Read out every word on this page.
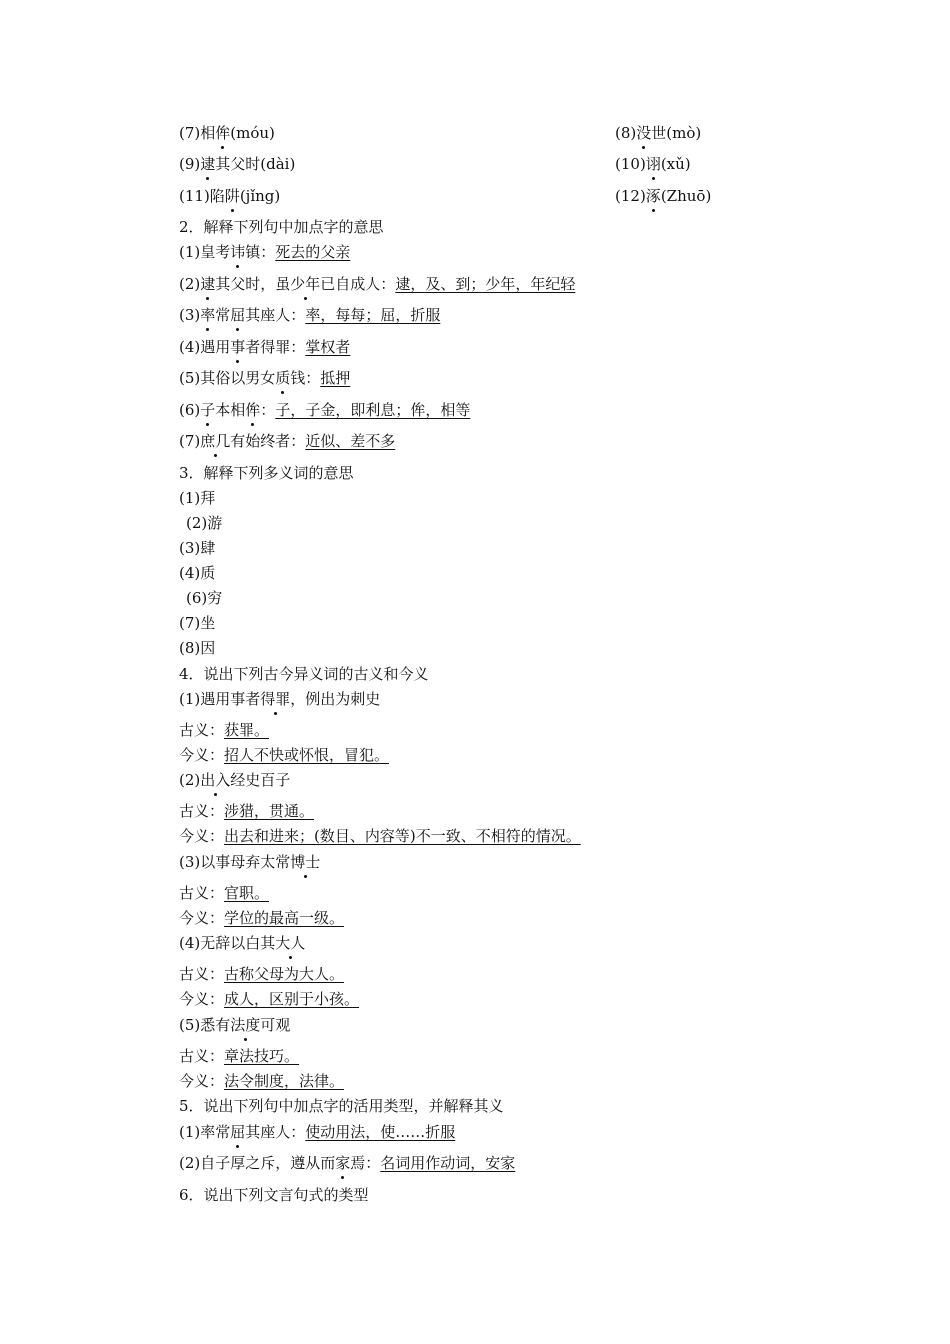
(7)相侔(móu)	(8)没世(mò)
(9)逮其父时(dài)	(10)诩(xǔ)
(11)陷阱(jǐng)	(12)涿(Zhuō)
2．解释下列句中加点字的意思
(1)皇考讳镇：死去的父亲
(2)逮其父时，虽少年已自成人：逮，及、到；少年，年纪轻
(3)率常屈其座人：率，每每；屈，折服
(4)遇用事者得罪：掌权者
(5)其俗以男女质钱：抵押
(6)子本相侔：子，子金，即利息；侔，相等
(7)庶几有始终者：近似、差不多
3．解释下列多义词的意思
(1)拜
(2)游
(3)肆
(4)质
(6)穷
(7)坐
(8)因
4．说出下列古今异义词的古义和今义
(1)遇用事者得罪，例出为刺史
古义：获罪。
今义：招人不快或怀恨，冒犯。
(2)出入经史百子
古义：涉猎，贯通。
今义：出去和进来；(数目、内容等)不一致、不相符的情况。
(3)以事母弃太常博士
古义：官职。
今义：学位的最高一级。
(4)无辞以白其大人
古义：古称父母为大人。
今义：成人，区别于小孩。
(5)悉有法度可观
古义：章法技巧。
今义：法令制度，法律。
5．说出下列句中加点字的活用类型，并解释其义
(1)率常屈其座人：使动用法，使……折服
(2)自子厚之斥，遵从而家焉：名词用作动词，安家
6．说出下列文言句式的类型
